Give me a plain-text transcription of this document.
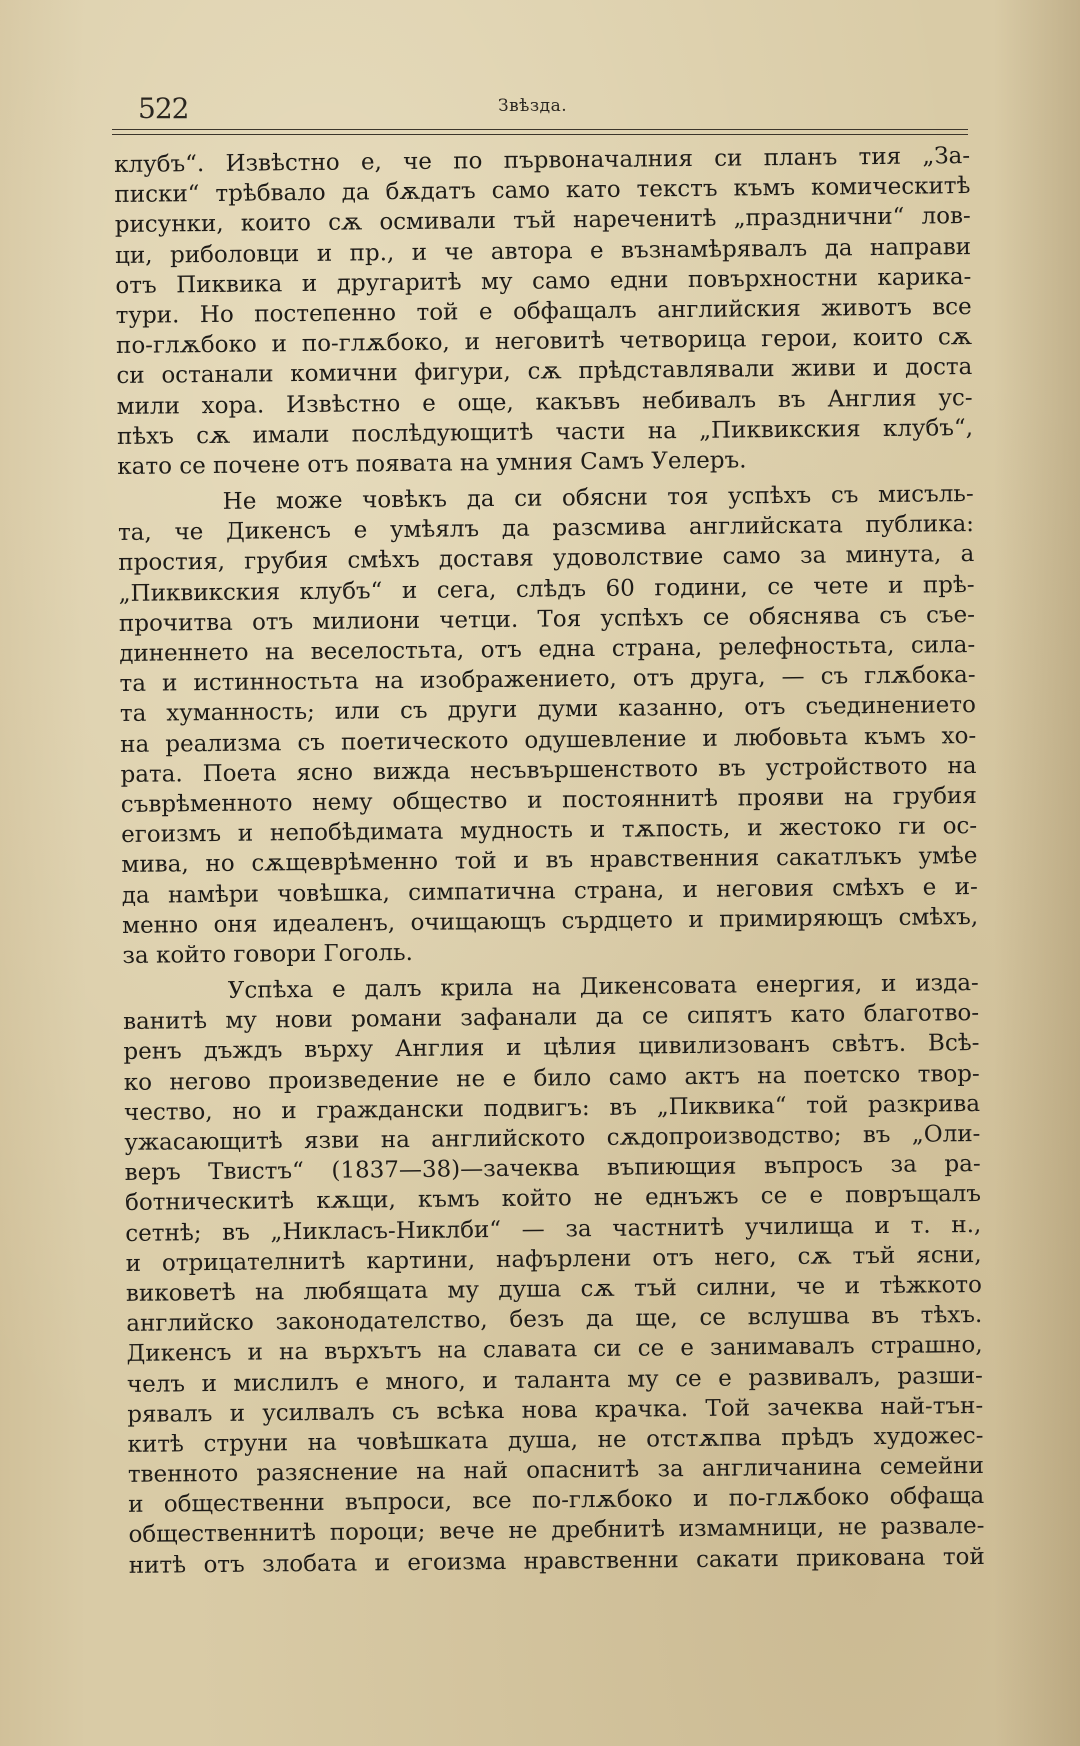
522	Звѣзда.
клубъ“. Извѣстно е, че по първоначалния си планъ тия „За-
писки“ трѣбвало да бѫдатъ само като текстъ къмъ комическитѣ
рисунки, които сѫ осмивали тъй нареченитѣ „празднични“ лов-
ци, риболовци и пр., и че автора е възнамѣрявалъ да направи
отъ Пиквика и другаритѣ му само едни повърхностни карика-
тури. Но постепенно той е обфащалъ английския животъ все
по-глѫбоко и по-глѫбоко, и неговитѣ четворица герои, които сѫ
си останали комични фигури, сѫ прѣдставлявали живи и доста
мили хора. Извѣстно е още, какъвъ небивалъ въ Англия ус-
пѣхъ сѫ имали послѣдующитѣ части на „Пиквикския клубъ“,
като се почене отъ появата на умния Самъ Уелеръ.
Не може човѣкъ да си обясни тоя успѣхъ съ мисъль-
та, че Дикенсъ е умѣялъ да разсмива английската публика:
простия, грубия смѣхъ доставя удоволствие само за минута, а
„Пиквикския клубъ“ и сега, слѣдъ 60 години, се чете и прѣ-
прочитва отъ милиони четци. Тоя успѣхъ се обяснява съ съе-
диненнето на веселостьта, отъ една страна, релефностьта, сила-
та и истинностьта на изображението, отъ друга, — съ глѫбока-
та хуманность; или съ други думи казанно, отъ съединението
на реализма съ поетическото одушевление и любовьта къмъ хо-
рата. Поета ясно вижда несъвършенството въ устройството на
съврѣменното нему общество и постояннитѣ прояви на грубия
егоизмъ и непобѣдимата мудность и тѫпость, и жестоко ги ос-
мива, но сѫщеврѣменно той и въ нравственния сакатлъкъ умѣе
да намѣри човѣшка, симпатична страна, и неговия смѣхъ е и-
менно оня идеаленъ, очищающъ сърдцето и примиряющъ смѣхъ,
за който говори Гоголь.
Успѣха е далъ крила на Дикенсовата енергия, и изда-
ванитѣ му нови романи зафанали да се сипятъ като благотво-
ренъ дъждъ върху Англия и цѣлия цивилизованъ свѣтъ. Всѣ-
ко негово произведение не е било само актъ на поетско твор-
чество, но и граждански подвигъ: въ „Пиквика“ той разкрива
ужасающитѣ язви на английското сѫдопроизводство; въ „Оли-
веръ Твистъ“ (1837—38)—зачеква въпиющия въпросъ за ра-
ботническитѣ кѫщи, къмъ който не еднъжъ се е повръщалъ
сетнѣ; въ „Никласъ-Никлби“ — за частнитѣ училища и т. н.,
и отрицателнитѣ картини, нафърлени отъ него, сѫ тъй ясни,
виковетѣ на любящата му душа сѫ тъй силни, че и тѣжкото
английско законодателство, безъ да ще, се вслушва въ тѣхъ.
Дикенсъ и на върхътъ на славата си се е занимавалъ страшно,
челъ и мислилъ е много, и таланта му се е развивалъ, разши-
рявалъ и усилвалъ съ всѣка нова крачка. Той зачеква най-тън-
китѣ струни на човѣшката душа, не отстѫпва прѣдъ художес-
твенното разяснение на най опаснитѣ за англичанина семейни
и общественни въпроси, все по-глѫбоко и по-глѫбоко обфаща
общественнитѣ пороци; вече не дребнитѣ измамници, не развале-
нитѣ отъ злобата и егоизма нравственни сакати прикована той
